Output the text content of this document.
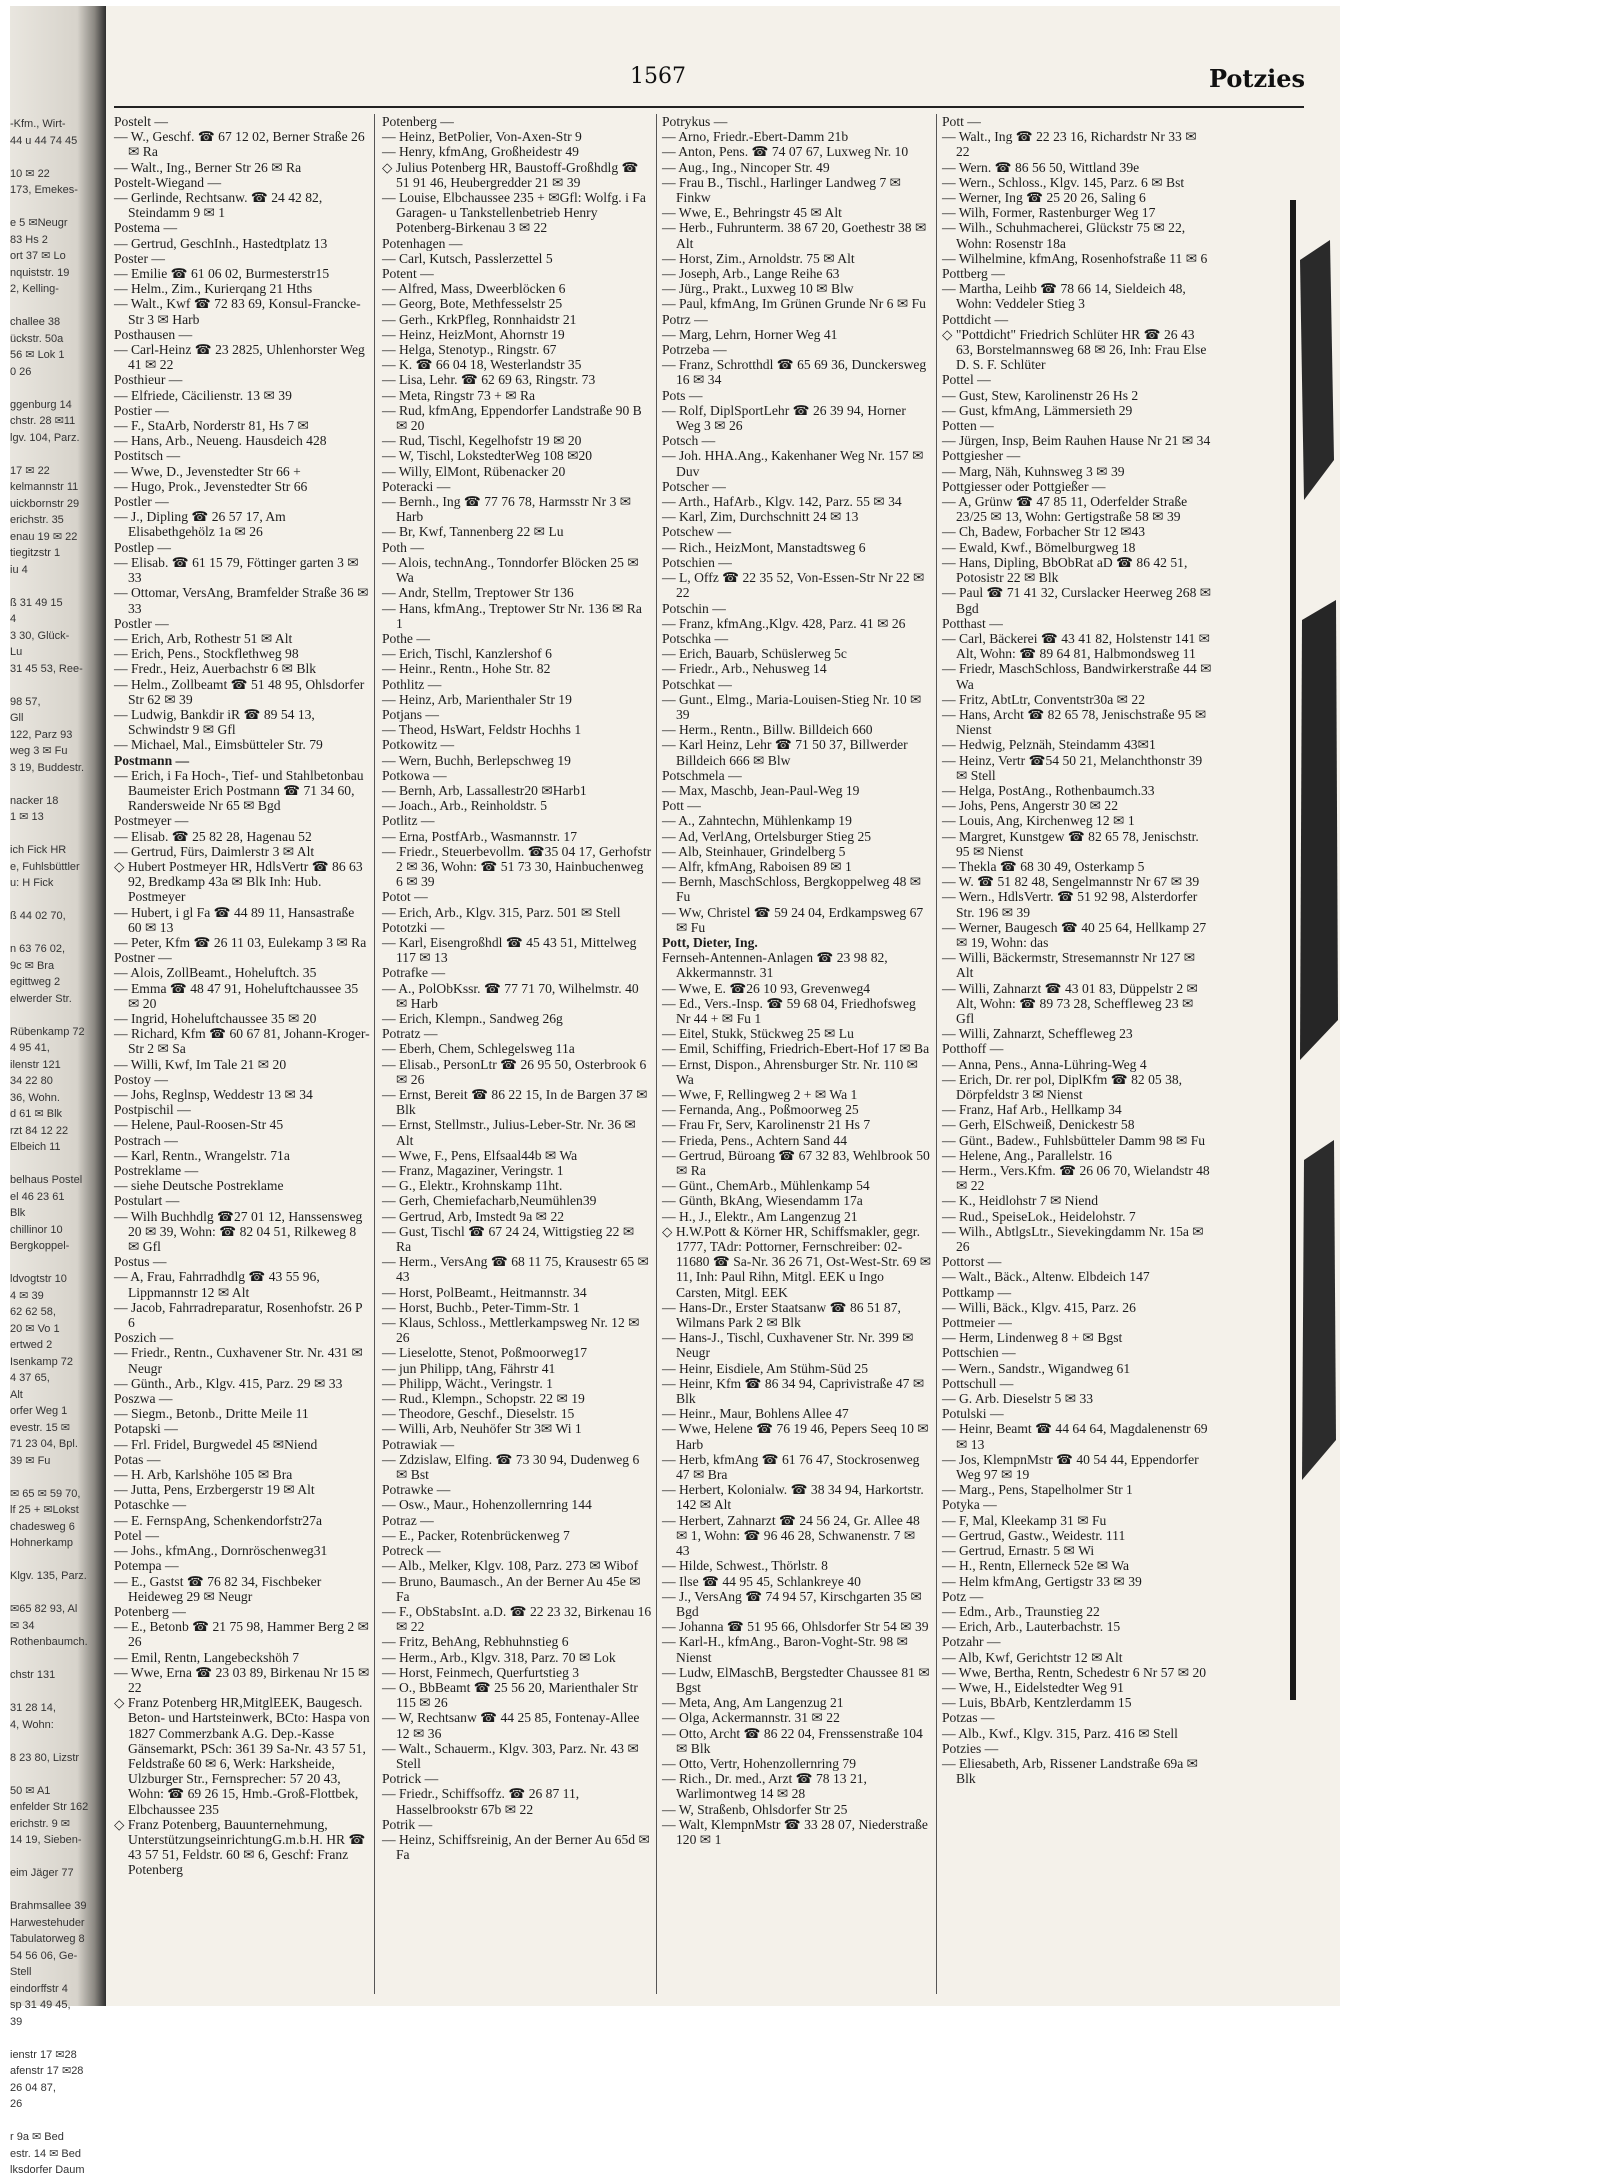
-Kfm., Wirt-
44 u 44 74 45

10 ✉ 22
173, Emekes-

e 5 ✉Neugr
83 Hs 2
ort 37 ✉ Lo
nquiststr. 19
2, Kelling-

challee 38
ückstr. 50a
56 ✉ Lok 1
0 26

ggenburg 14
chstr. 28 ✉11
lgv. 104, Parz.

17 ✉ 22
kelmannstr 11
uickbornstr 29
erichstr. 35
enau 19 ✉ 22
tiegitzstr 1
iu 4

ß 31 49 15
4
3 30, Glück-
Lu
31 45 53, Ree-

98 57,
Gll
122, Parz 93
weg 3 ✉ Fu
3 19, Buddestr.

nacker 18
1 ✉ 13

ich Fick HR
e, Fuhlsbüttler
u: H Fick

ß 44 02 70,

n 63 76 02,
9c ✉ Bra
egittweg 2
elwerder Str.

Rübenkamp 72
4 95 41,
ilenstr 121
34 22 80
36, Wohn.
d 61 ✉ Blk
rzt 84 12 22
Elbeich 11

belhaus Postel
el 46 23 61
Blk
chillinor 10
Bergkoppel-

ldvogtstr 10
4 ✉ 39
62 62 58,
20 ✉ Vo 1
ertwed 2
Isenkamp 72
4 37 65,
Alt
orfer Weg 1
evestr. 15 ✉
71 23 04, Bpl.
39 ✉ Fu

✉ 65 ✉ 59 70,
lf 25 + ✉Lokst
chadesweg 6
Hohnerkamp

Klgv. 135, Parz.

✉65 82 93, Al
✉ 34
Rothenbaumch.

chstr 131

31 28 14,
4, Wohn:

8 23 80, Lizstr

50 ✉ A1
enfelder Str 162
erichstr. 9 ✉
14 19, Sieben-

eim Jäger 77

Brahmsallee 39
Harwestehuder
Tabulatorweg 8
54 56 06, Ge-
Stell
eindorffstr 4
sp 31 49 45,
39

ienstr 17 ✉28
afenstr 17 ✉28
26 04 87,
26

r 9a ✉ Bed
estr. 14 ✉ Bed
lksdorfer Daum
1567	Potzies
Postelt —
— W., Geschf. ☎ 67 12 02, Berner Straße 26 ✉ Ra
— Walt., Ing., Berner Str 26 ✉ Ra
Postelt-Wiegand —
— Gerlinde, Rechtsanw. ☎ 24 42 82, Steindamm 9 ✉ 1
Postema —
— Gertrud, GeschInh., Hastedtplatz 13
Poster —
— Emilie ☎ 61 06 02, Burmesterstr15
— Helm., Zim., Kurierqang 21 Hths
— Walt., Kwf ☎ 72 83 69, Konsul-Francke-Str 3 ✉ Harb
Posthausen —
— Carl-Heinz ☎ 23 2825, Uhlenhorster Weg 41 ✉ 22
Posthieur —
— Elfriede, Cäcilienstr. 13 ✉ 39
Postier —
— F., StaArb, Norderstr 81, Hs 7 ✉
— Hans, Arb., Neueng. Hausdeich 428
Postitsch —
— Wwe, D., Jevenstedter Str 66 +
— Hugo, Prok., Jevenstedter Str 66
Postler —
— J., Dipling ☎ 26 57 17, Am Elisabethgehölz 1a ✉ 26
Postlep —
— Elisab. ☎ 61 15 79, Föttinger garten 3 ✉ 33
— Ottomar, VersAng, Bramfelder Straße 36 ✉ 33
Postler —
— Erich, Arb, Rothestr 51 ✉ Alt
— Erich, Pens., Stockflethweg 98
— Fredr., Heiz, Auerbachstr 6 ✉ Blk
— Helm., Zollbeamt ☎ 51 48 95, Ohlsdorfer Str 62 ✉ 39
— Ludwig, Bankdir iR ☎ 89 54 13, Schwindstr 9 ✉ Gfl
— Michael, Mal., Eimsbütteler Str. 79
Postmann —
— Erich, i Fa Hoch-, Tief- und Stahlbetonbau Baumeister Erich Postmann ☎ 71 34 60, Randersweide Nr 65 ✉ Bgd
Postmeyer —
— Elisab. ☎ 25 82 28, Hagenau 52
— Gertrud, Fürs, Daimlerstr 3 ✉ Alt
◇ Hubert Postmeyer HR, HdlsVertr ☎ 86 63 92, Bredkamp 43a ✉ Blk Inh: Hub. Postmeyer
— Hubert, i gl Fa ☎ 44 89 11, Hansastraße 60 ✉ 13
— Peter, Kfm ☎ 26 11 03, Eulekamp 3 ✉ Ra
Postner —
— Alois, ZollBeamt., Hoheluftch. 35
— Emma ☎ 48 47 91, Hoheluftchaussee 35 ✉ 20
— Ingrid, Hoheluftchaussee 35 ✉ 20
— Richard, Kfm ☎ 60 67 81, Johann-Kroger-Str 2 ✉ Sa
— Willi, Kwf, Im Tale 21 ✉ 20
Postoy —
— Johs, Reglnsp, Weddestr 13 ✉ 34
Postpischil —
— Helene, Paul-Roosen-Str 45
Postrach —
— Karl, Rentn., Wrangelstr. 71a
Postreklame —
— siehe Deutsche Postreklame
Postulart —
— Wilh Buchhdlg ☎27 01 12, Hanssensweg 20 ✉ 39, Wohn: ☎ 82 04 51, Rilkeweg 8 ✉ Gfl
Postus —
— A, Frau, Fahrradhdlg ☎ 43 55 96, Lippmannstr 12 ✉ Alt
— Jacob, Fahrradreparatur, Rosenhofstr. 26 P 6
Poszich —
— Friedr., Rentn., Cuxhavener Str. Nr. 431 ✉ Neugr
— Günth., Arb., Klgv. 415, Parz. 29 ✉ 33
Poszwa —
— Siegm., Betonb., Dritte Meile 11
Potapski —
— Frl. Fridel, Burgwedel 45 ✉Niend
Potas —
— H. Arb, Karlshöhe 105 ✉ Bra
— Jutta, Pens, Erzbergerstr 19 ✉ Alt
Potaschke —
— E. FernspAng, Schenkendorfstr27a
Potel —
— Johs., kfmAng., Dornröschenweg31
Potempa —
— E., Gastst ☎ 76 82 34, Fischbeker Heideweg 29 ✉ Neugr
Potenberg —
— E., Betonb ☎ 21 75 98, Hammer Berg 2 ✉ 26
— Emil, Rentn, Langebeckshöh 7
— Wwe, Erna ☎ 23 03 89, Birkenau Nr 15 ✉ 22
◇ Franz Potenberg HR,MitglEEK, Baugesch. Beton- und Hartsteinwerk, BCto: Haspa von 1827 Commerzbank A.G. Dep.-Kasse Gänsemarkt, PSch: 361 39 Sa-Nr. 43 57 51, Feldstraße 60 ✉ 6, Werk: Harksheide, Ulzburger Str., Fernsprecher: 57 20 43, Wohn: ☎ 69 26 15, Hmb.-Groß-Flottbek, Elbchaussee 235
◇ Franz Potenberg, Bauunternehmung, UnterstützungseinrichtungG.m.b.H. HR ☎ 43 57 51, Feldstr. 60 ✉ 6, Geschf: Franz Potenberg
Potenberg —
— Heinz, BetPolier, Von-Axen-Str 9
— Henry, kfmAng, Großheidestr 49
◇ Julius Potenberg HR, Baustoff-Großhdlg ☎ 51 91 46, Heubergredder 21 ✉ 39
— Louise, Elbchaussee 235 + ✉Gfl: Wolfg. i Fa Garagen- u Tankstellenbetrieb Henry Potenberg-Birkenau 3 ✉ 22
Potenhagen —
— Carl, Kutsch, Passlerzettel 5
Potent —
— Alfred, Mass, Dweerblöcken 6
— Georg, Bote, Methfesselstr 25
— Gerh., KrkPfleg, Ronnhaidstr 21
— Heinz, HeizMont, Ahornstr 19
— Helga, Stenotyp., Ringstr. 67
— K. ☎ 66 04 18, Westerlandstr 35
— Lisa, Lehr. ☎ 62 69 63, Ringstr. 73
— Meta, Ringstr 73 + ✉ Ra
— Rud, kfmAng, Eppendorfer Landstraße 90 B ✉ 20
— Rud, Tischl, Kegelhofstr 19 ✉ 20
— W, Tischl, LokstedterWeg 108 ✉20
— Willy, ElMont, Rübenacker 20
Poteracki —
— Bernh., Ing ☎ 77 76 78, Harmsstr Nr 3 ✉ Harb
— Br, Kwf, Tannenberg 22 ✉ Lu
Poth —
— Alois, technAng., Tonndorfer Blöcken 25 ✉ Wa
— Andr, Stellm, Treptower Str 136
— Hans, kfmAng., Treptower Str Nr. 136 ✉ Ra 1
Pothe —
— Erich, Tischl, Kanzlershof 6
— Heinr., Rentn., Hohe Str. 82
Pothlitz —
— Heinz, Arb, Marienthaler Str 19
Potjans —
— Theod, HsWart, Feldstr Hochhs 1
Potkowitz —
— Wern, Buchh, Berlepschweg 19
Potkowa —
— Bernh, Arb, Lassallestr20 ✉Harb1
— Joach., Arb., Reinholdstr. 5
Potlitz —
— Erna, PostfArb., Wasmannstr. 17
— Friedr., Steuerbevollm. ☎35 04 17, Gerhofstr 2 ✉ 36, Wohn: ☎ 51 73 30, Hainbuchenweg 6 ✉ 39
Potot —
— Erich, Arb., Klgv. 315, Parz. 501 ✉ Stell
Pototzki —
— Karl, Eisengroßhdl ☎ 45 43 51, Mittelweg 117 ✉ 13
Potrafke —
— A., PolObKssr. ☎ 77 71 70, Wilhelmstr. 40 ✉ Harb
— Erich, Klempn., Sandweg 26g
Potratz —
— Eberh, Chem, Schlegelsweg 11a
— Elisab., PersonLtr ☎ 26 95 50, Osterbrook 6 ✉ 26
— Ernst, Bereit ☎ 86 22 15, In de Bargen 37 ✉ Blk
— Ernst, Stellmstr., Julius-Leber-Str. Nr. 36 ✉ Alt
— Wwe, F., Pens, Elfsaal44b ✉ Wa
— Franz, Magaziner, Veringstr. 1
— G., Elektr., Krohnskamp 11ht.
— Gerh, Chemiefacharb,Neumühlen39
— Gertrud, Arb, Imstedt 9a ✉ 22
— Gust, Tischl ☎ 67 24 24, Wittigstieg 22 ✉ Ra
— Herm., VersAng ☎ 68 11 75, Krausestr 65 ✉ 43
— Horst, PolBeamt., Heitmannstr. 34
— Horst, Buchb., Peter-Timm-Str. 1
— Klaus, Schloss., Mettlerkampsweg Nr. 12 ✉ 26
— Lieselotte, Stenot, Poßmoorweg17
— jun Philipp, tAng, Fährstr 41
— Philipp, Wächt., Veringstr. 1
— Rud., Klempn., Schopstr. 22 ✉ 19
— Theodore, Geschf., Dieselstr. 15
— Willi, Arb, Neuhöfer Str 3✉ Wi 1
Potrawiak —
— Zdzislaw, Elfing. ☎ 73 30 94, Dudenweg 6 ✉ Bst
Potrawke —
— Osw., Maur., Hohenzollernring 144
Potraz —
— E., Packer, Rotenbrückenweg 7
Potreck —
— Alb., Melker, Klgv. 108, Parz. 273 ✉ Wibof
— Bruno, Baumasch., An der Berner Au 45e ✉ Fa
— F., ObStabsInt. a.D. ☎ 22 23 32, Birkenau 16 ✉ 22
— Fritz, BehAng, Rebhuhnstieg 6
— Herm., Arb., Klgv. 318, Parz. 70 ✉ Lok
— Horst, Feinmech, Querfurtstieg 3
— O., BbBeamt ☎ 25 56 20, Marienthaler Str 115 ✉ 26
— W, Rechtsanw ☎ 44 25 85, Fontenay-Allee 12 ✉ 36
— Walt., Schauerm., Klgv. 303, Parz. Nr. 43 ✉ Stell
Potrick —
— Friedr., Schiffsoffz. ☎ 26 87 11, Hasselbrookstr 67b ✉ 22
Potrik —
— Heinz, Schiffsreinig, An der Berner Au 65d ✉ Fa
Potrykus —
— Arno, Friedr.-Ebert-Damm 21b
— Anton, Pens. ☎ 74 07 67, Luxweg Nr. 10
— Aug., Ing., Nincoper Str. 49
— Frau B., Tischl., Harlinger Landweg 7 ✉ Finkw
— Wwe, E., Behringstr 45 ✉ Alt
— Herb., Fuhrunterm. 38 67 20, Goethestr 38 ✉ Alt
— Horst, Zim., Arnoldstr. 75 ✉ Alt
— Joseph, Arb., Lange Reihe 63
— Jürg., Prakt., Luxweg 10 ✉ Blw
— Paul, kfmAng, Im Grünen Grunde Nr 6 ✉ Fu
Potrz —
— Marg, Lehrn, Horner Weg 41
Potrzeba —
— Franz, Schrotthdl ☎ 65 69 36, Dunckersweg 16 ✉ 34
Pots —
— Rolf, DiplSportLehr ☎ 26 39 94, Horner Weg 3 ✉ 26
Potsch —
— Joh. HHA.Ang., Kakenhaner Weg Nr. 157 ✉ Duv
Potscher —
— Arth., HafArb., Klgv. 142, Parz. 55 ✉ 34
— Karl, Zim, Durchschnitt 24 ✉ 13
Potschew —
— Rich., HeizMont, Manstadtsweg 6
Potschien —
— L, Offz ☎ 22 35 52, Von-Essen-Str Nr 22 ✉ 22
Potschin —
— Franz, kfmAng.,Klgv. 428, Parz. 41 ✉ 26
Potschka —
— Erich, Bauarb, Schüslerweg 5c
— Friedr., Arb., Nehusweg 14
Potschkat —
— Gunt., Elmg., Maria-Louisen-Stieg Nr. 10 ✉ 39
— Herm., Rentn., Billw. Billdeich 660
— Karl Heinz, Lehr ☎ 71 50 37, Billwerder Billdeich 666 ✉ Blw
Potschmela —
— Max, Maschb, Jean-Paul-Weg 19
Pott —
— A., Zahntechn, Mühlenkamp 19
— Ad, VerlAng, Ortelsburger Stieg 25
— Alb, Steinhauer, Grindelberg 5
— Alfr, kfmAng, Raboisen 89 ✉ 1
— Bernh, MaschSchloss, Bergkoppelweg 48 ✉ Fu
— Ww, Christel ☎ 59 24 04, Erdkampsweg 67 ✉ Fu
Pott, Dieter, Ing.
Fernseh-Antennen-Anlagen ☎ 23 98 82, Akkermannstr. 31
— Wwe, E. ☎26 10 93, Grevenweg4
— Ed., Vers.-Insp. ☎ 59 68 04, Friedhofsweg Nr 44 + ✉ Fu 1
— Eitel, Stukk, Stückweg 25 ✉ Lu
— Emil, Schiffing, Friedrich-Ebert-Hof 17 ✉ Ba
— Ernst, Dispon., Ahrensburger Str. Nr. 110 ✉ Wa
— Wwe, F, Rellingweg 2 + ✉ Wa 1
— Fernanda, Ang., Poßmoorweg 25
— Frau Fr, Serv, Karolinenstr 21 Hs 7
— Frieda, Pens., Achtern Sand 44
— Gertrud, Büroang ☎ 67 32 83, Wehlbrook 50 ✉ Ra
— Günt., ChemArb., Mühlenkamp 54
— Günth, BkAng, Wiesendamm 17a
— H., J., Elektr., Am Langenzug 21
◇ H.W.Pott & Körner HR, Schiffsmakler, gegr. 1777, TAdr: Pottorner, Fernschreiber: 02-11680 ☎ Sa-Nr. 36 26 71, Ost-West-Str. 69 ✉ 11, Inh: Paul Rihn, Mitgl. EEK u Ingo Carsten, Mitgl. EEK
— Hans-Dr., Erster Staatsanw ☎ 86 51 87, Wilmans Park 2 ✉ Blk
— Hans-J., Tischl, Cuxhavener Str. Nr. 399 ✉ Neugr
— Heinr, Eisdiele, Am Stühm-Süd 25
— Heinr, Kfm ☎ 86 34 94, Caprivistraße 47 ✉ Blk
— Heinr., Maur, Bohlens Allee 47
— Wwe, Helene ☎ 76 19 46, Pepers Seeq 10 ✉ Harb
— Herb, kfmAng ☎ 61 76 47, Stockrosenweg 47 ✉ Bra
— Herbert, Kolonialw. ☎ 38 34 94, Harkortstr. 142 ✉ Alt
— Herbert, Zahnarzt ☎ 24 56 24, Gr. Allee 48 ✉ 1, Wohn: ☎ 96 46 28, Schwanenstr. 7 ✉ 43
— Hilde, Schwest., Thörlstr. 8
— Ilse ☎ 44 95 45, Schlankreye 40
— J., VersAng ☎ 74 94 57, Kirschgarten 35 ✉ Bgd
— Johanna ☎ 51 95 66, Ohlsdorfer Str 54 ✉ 39
— Karl-H., kfmAng., Baron-Voght-Str. 98 ✉ Nienst
— Ludw, ElMaschB, Bergstedter Chaussee 81 ✉ Bgst
— Meta, Ang, Am Langenzug 21
— Olga, Ackermannstr. 31 ✉ 22
— Otto, Archt ☎ 86 22 04, Frenssenstraße 104 ✉ Blk
— Otto, Vertr, Hohenzollernring 79
— Rich., Dr. med., Arzt ☎ 78 13 21, Warlimontweg 14 ✉ 28
— W, Straßenb, Ohlsdorfer Str 25
— Walt, KlempnMstr ☎ 33 28 07, Niederstraße 120 ✉ 1
Pott —
— Walt., Ing ☎ 22 23 16, Richardstr Nr 33 ✉ 22
— Wern. ☎ 86 56 50, Wittland 39e
— Wern., Schloss., Klgv. 145, Parz. 6 ✉ Bst
— Werner, Ing ☎ 25 20 26, Saling 6
— Wilh, Former, Rastenburger Weg 17
— Wilh., Schuhmacherei, Glückstr 75 ✉ 22, Wohn: Rosenstr 18a
— Wilhelmine, kfmAng, Rosenhofstraße 11 ✉ 6
Pottberg —
— Martha, Leihb ☎ 78 66 14, Sieldeich 48, Wohn: Veddeler Stieg 3
Pottdicht —
◇ "Pottdicht" Friedrich Schlüter HR ☎ 26 43 63, Borstelmannsweg 68 ✉ 26, Inh: Frau Else D. S. F. Schlüter
Pottel —
— Gust, Stew, Karolinenstr 26 Hs 2
— Gust, kfmAng, Lämmersieth 29
Potten —
— Jürgen, Insp, Beim Rauhen Hause Nr 21 ✉ 34
Pottgiesher —
— Marg, Näh, Kuhnsweg 3 ✉ 39
Pottgiesser oder Pottgießer —
— A, Grünw ☎ 47 85 11, Oderfelder Straße 23/25 ✉ 13, Wohn: Gertigstraße 58 ✉ 39
— Ch, Badew, Forbacher Str 12 ✉43
— Ewald, Kwf., Bömelburgweg 18
— Hans, Dipling, BbObRat aD ☎ 86 42 51, Potosistr 22 ✉ Blk
— Paul ☎ 71 41 32, Curslacker Heerweg 268 ✉ Bgd
Potthast —
— Carl, Bäckerei ☎ 43 41 82, Holstenstr 141 ✉ Alt, Wohn: ☎ 89 64 81, Halbmondsweg 11
— Friedr, MaschSchloss, Bandwirkerstraße 44 ✉ Wa
— Fritz, AbtLtr, Conventstr30a ✉ 22
— Hans, Archt ☎ 82 65 78, Jenischstraße 95 ✉ Nienst
— Hedwig, Pelznäh, Steindamm 43✉1
— Heinz, Vertr ☎54 50 21, Melanchthonstr 39 ✉ Stell
— Helga, PostAng., Rothenbaumch.33
— Johs, Pens, Angerstr 30 ✉ 22
— Louis, Ang, Kirchenweg 12 ✉ 1
— Margret, Kunstgew ☎ 82 65 78, Jenischstr. 95 ✉ Nienst
— Thekla ☎ 68 30 49, Osterkamp 5
— W. ☎ 51 82 48, Sengelmannstr Nr 67 ✉ 39
— Wern., HdlsVertr. ☎ 51 92 98, Alsterdorfer Str. 196 ✉ 39
— Werner, Baugesch ☎ 40 25 64, Hellkamp 27 ✉ 19, Wohn: das
— Willi, Bäckermstr, Stresemannstr Nr 127 ✉ Alt
— Willi, Zahnarzt ☎ 43 01 83, Düppelstr 2 ✉ Alt, Wohn: ☎ 89 73 28, Scheffleweg 23 ✉ Gfl
— Willi, Zahnarzt, Scheffleweg 23
Potthoff —
— Anna, Pens., Anna-Lühring-Weg 4
— Erich, Dr. rer pol, DiplKfm ☎ 82 05 38, Dörpfeldstr 3 ✉ Nienst
— Franz, Haf Arb., Hellkamp 34
— Gerh, ElSchweiß, Denickestr 58
— Günt., Badew., Fuhlsbütteler Damm 98 ✉ Fu
— Helene, Ang., Parallelstr. 16
— Herm., Vers.Kfm. ☎ 26 06 70, Wielandstr 48 ✉ 22
— K., Heidlohstr 7 ✉ Niend
— Rud., SpeiseLok., Heidelohstr. 7
— Wilh., AbtlgsLtr., Sievekingdamm Nr. 15a ✉ 26
Pottorst —
— Walt., Bäck., Altenw. Elbdeich 147
Pottkamp —
— Willi, Bäck., Klgv. 415, Parz. 26
Pottmeier —
— Herm, Lindenweg 8 + ✉ Bgst
Pottschien —
— Wern., Sandstr., Wigandweg 61
Pottschull —
— G. Arb. Dieselstr 5 ✉ 33
Potulski —
— Heinr, Beamt ☎ 44 64 64, Magdalenenstr 69 ✉ 13
— Jos, KlempnMstr ☎ 40 54 44, Eppendorfer Weg 97 ✉ 19
— Marg., Pens, Stapelholmer Str 1
Potyka —
— F, Mal, Kleekamp 31 ✉ Fu
— Gertrud, Gastw., Weidestr. 111
— Gertrud, Ernastr. 5 ✉ Wi
— H., Rentn, Ellerneck 52e ✉ Wa
— Helm kfmAng, Gertigstr 33 ✉ 39
Potz —
— Edm., Arb., Traunstieg 22
— Erich, Arb., Lauterbachstr. 15
Potzahr —
— Alb, Kwf, Gerichtstr 12 ✉ Alt
— Wwe, Bertha, Rentn, Schedestr 6 Nr 57 ✉ 20
— Wwe, H., Eidelstedter Weg 91
— Luis, BbArb, Kentzlerdamm 15
Potzas —
— Alb., Kwf., Klgv. 315, Parz. 416 ✉ Stell
Potzies —
— Eliesabeth, Arb, Rissener Landstraße 69a ✉ Blk
